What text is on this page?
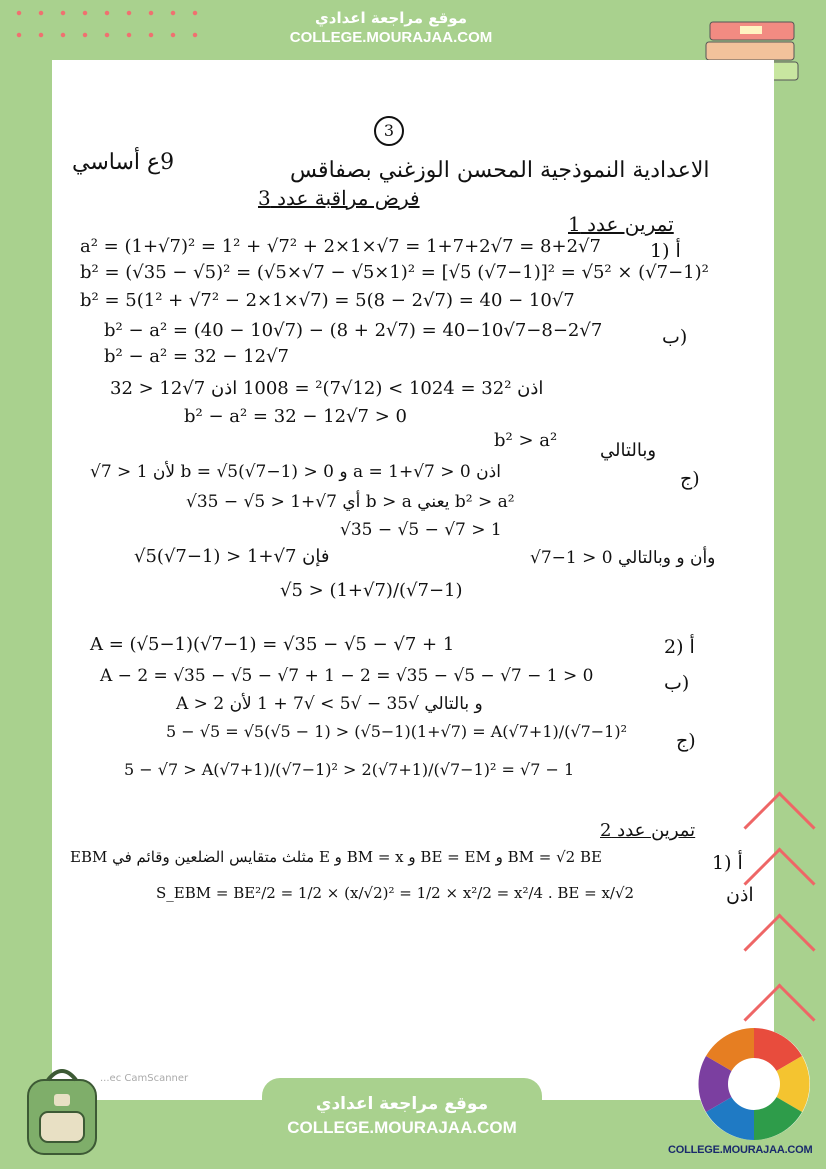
موقع مراجعة اعدادي
COLLEGE.MOURAJAA.COM
3
9ع أساسي	الاعدادية النموذجية المحسن الوزغني بصفاقس
فرض مراقبة عدد 3
تمرين عدد 1
1) أ
a² = (1+√7)² = 1² + √7² + 2×1×√7 = 1+7+2√7 = 8+2√7
b² = (√35 − √5)² = (√5×√7 − √5×1)² = [√5 (√7−1)]² = √5² × (√7−1)²
b² = 5(1² + √7² − 2×1×√7) = 5(8 − 2√7) = 40 − 10√7
b² − a² = (40 − 10√7) − (8 + 2√7) = 40−10√7−8−2√7	ب)
b² − a² = 32 − 12√7
32 > 12√7 اذن 32² = 1024 > (12√7)² = 1008 اذن
b² − a² = 32 − 12√7 > 0
b² > a² وبالتالي
√7 > 1 لأن b = √5(√7−1) > 0 و a = 1+√7 > 0 اذن	ج)
√35 − √5 > 1+√7 أي b > a يعني b² > a²
√35 − √5 − √7 > 1
√5(√7−1) > 1+√7 فإن
√5 > (1+√7)/(√7−1)
√7−1 > 0 وأن و وبالتالي
A = (√5−1)(√7−1) = √35 − √5 − √7 + 1	2) أ
A − 2 = √35 − √5 − √7 + 1 − 2 = √35 − √5 − √7 − 1 > 0	ب)
A > 2 و بالتالي √35 − √5 > √7 + 1 لأن
5 − √5 = √5(√5 − 1) > (√5−1)(1+√7) = A(√7+1)/(√7−1)²	ج)
5 − √7 > A(√7+1)/(√7−1)² > 2(√7+1)/(√7−1)² = √7 − 1
تمرين عدد 2
EBM مثلث متقايس الضلعين وقائم في E و BM = x و BE = EM و BM = √2 BE	1) أ
S_EBM = BE²/2 = 1/2 × (x/√2)² = 1/2 × x²/2 = x²/4 . BE = x/√2	اذن
...ec CamScanner
موقع مراجعة اعدادي
COLLEGE.MOURAJAA.COM
COLLEGE.MOURAJAA.COM
